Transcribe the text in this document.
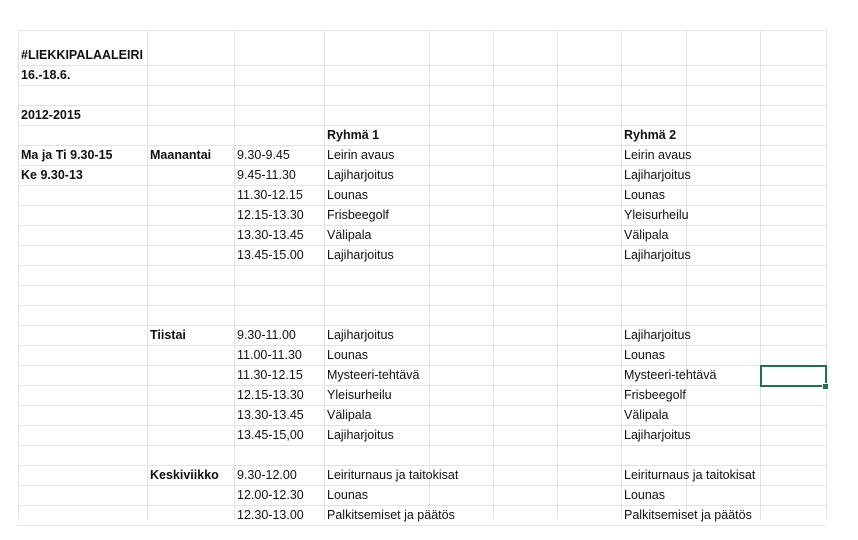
#LIEKKIPALAALEIRI
16.-18.6.
2012-2015
Ryhmä 1	Ryhmä 2
Ma ja Ti 9.30-15
Ke 9.30-13
Maanantai 9.30-9.45	Leirin avaus	Leirin avaus
9.45-11.30 Lajiharjoitus	Lajiharjoitus
11.30-12.15 Lounas	Lounas
12.15-13.30 Frisbeegolf	Yleisurheilu
13.30-13.45 Välipala	Välipala
13.45-15.00 Lajiharjoitus	Lajiharjoitus
Tiistai	9.30-11.00 Lajiharjoitus	Lajiharjoitus
11.00-11.30 Lounas	Lounas
11.30-12.15 Mysteeri-tehtävä	Mysteeri-tehtävä
12.15-13.30 Yleisurheilu	Frisbeegolf
13.30-13.45 Välipala	Välipala
13.45-15,00 Lajiharjoitus	Lajiharjoitus
Keskiviikko 9.30-12.00 Leiriturnaus ja taitokisat	Leiriturnaus ja taitokisat
12.00-12.30 Lounas	Lounas
12.30-13.00 Palkitsemiset ja päätös	Palkitsemiset ja päätös
